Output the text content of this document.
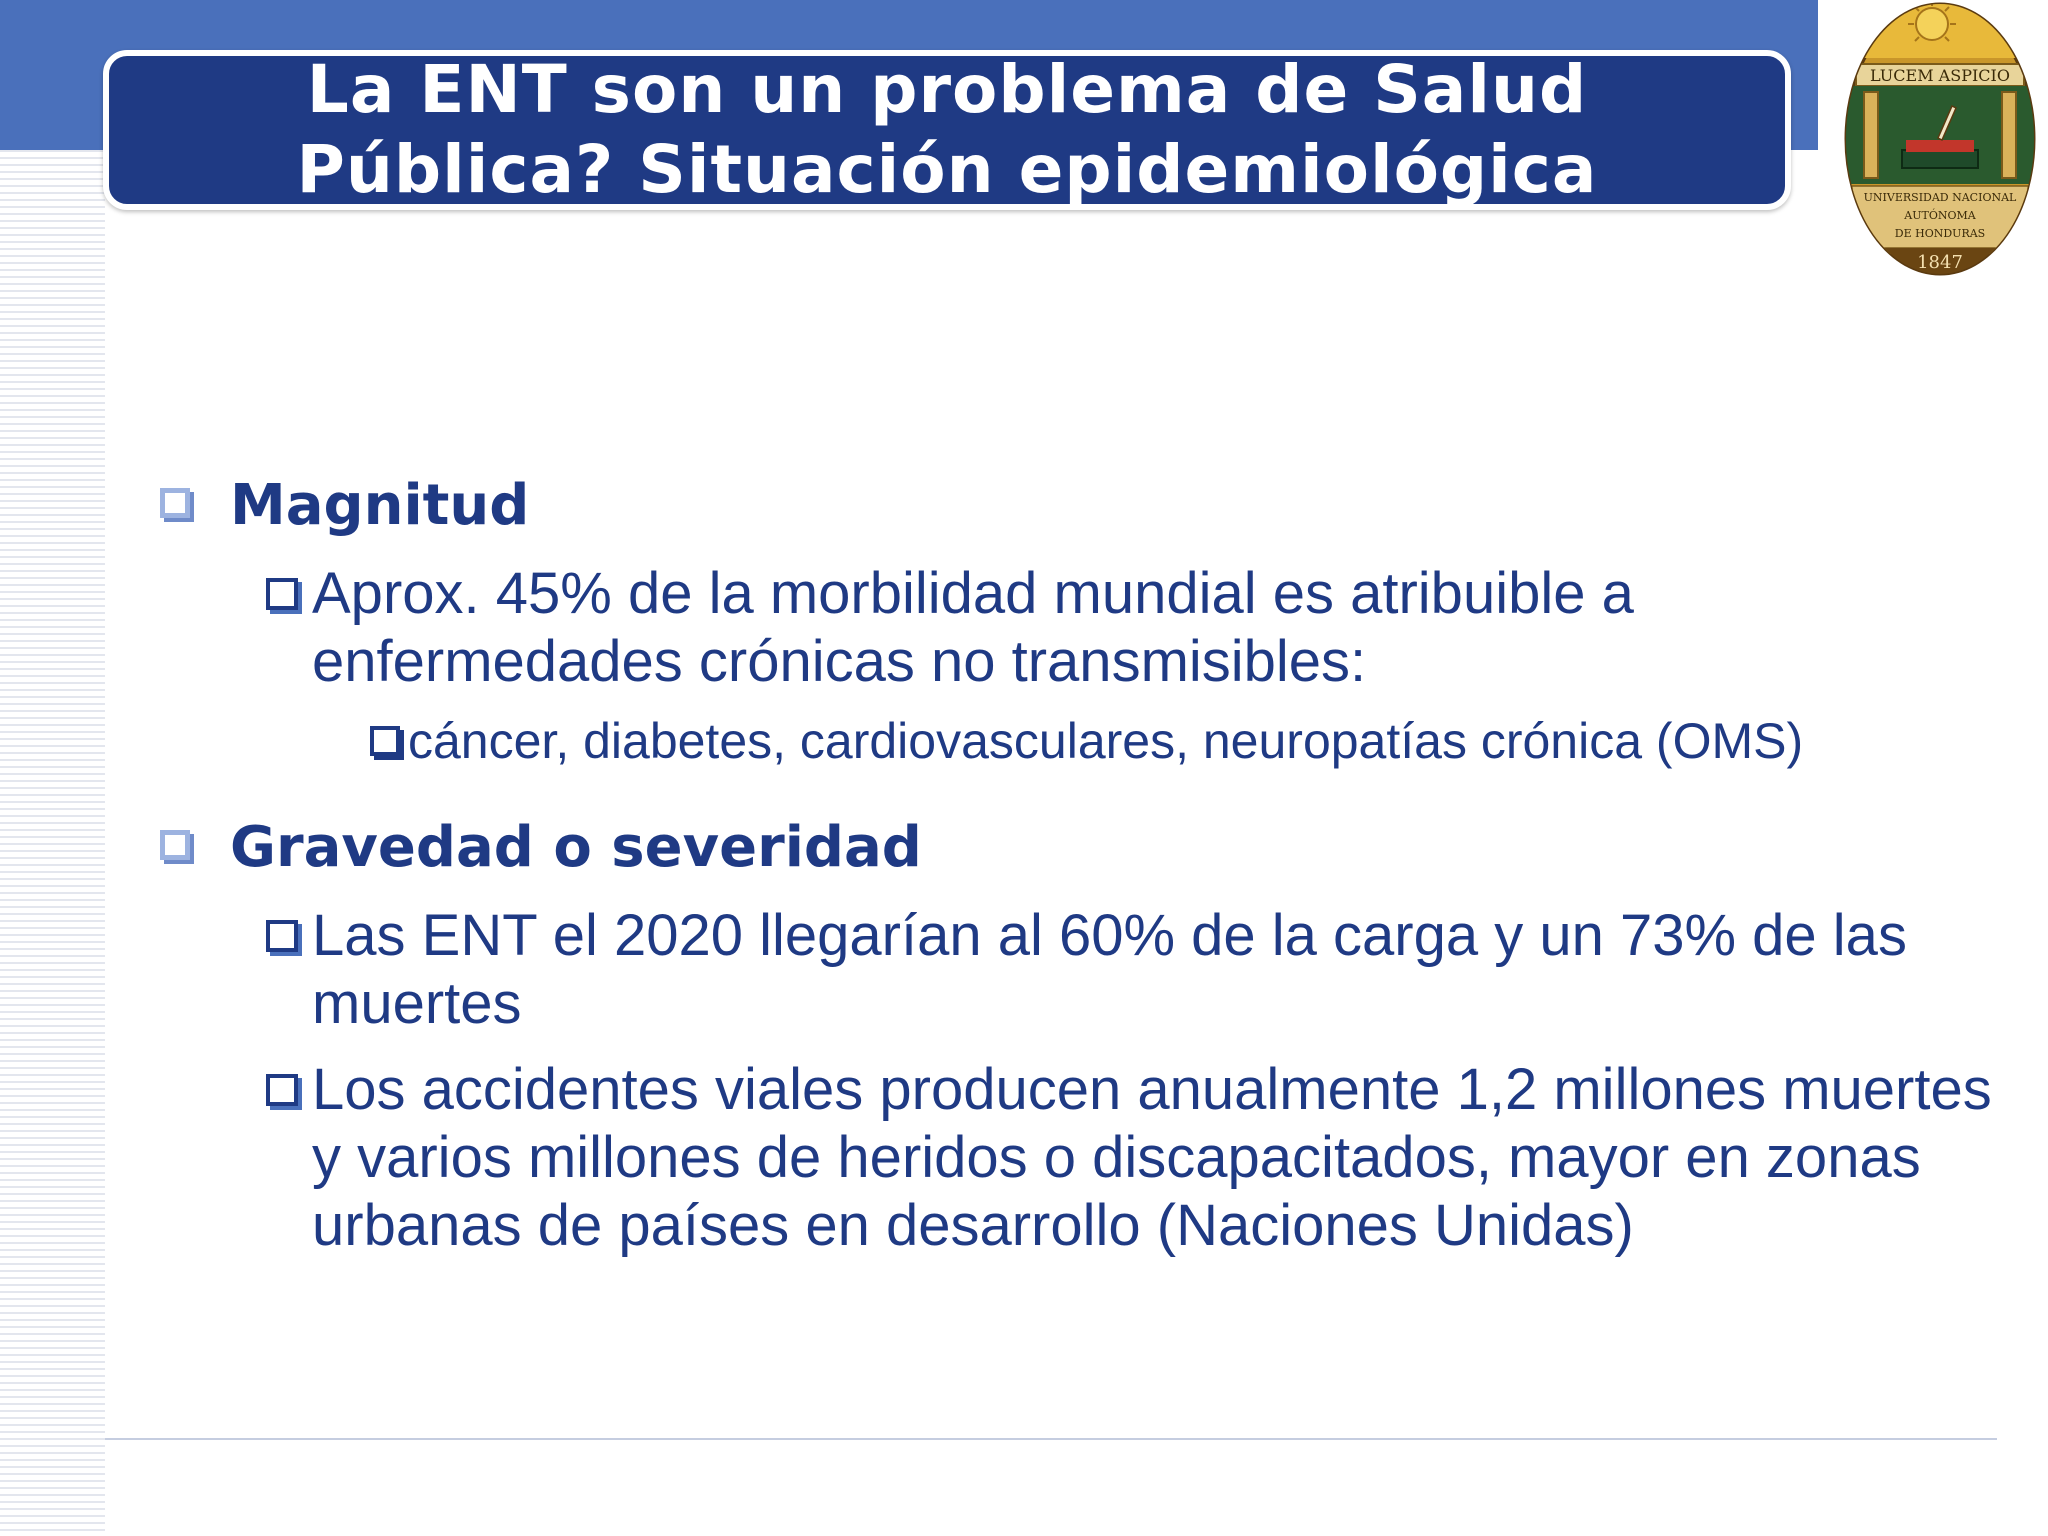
La ENT son un problema de Salud
Pública? Situación epidemiológica
LUCEM ASPICIO
UNIVERSIDAD NACIONAL
AUTÓNOMA
DE HONDURAS
1847
Magnitud
Aprox. 45% de la morbilidad mundial es atribuible a enfermedades crónicas no transmisibles:
cáncer, diabetes, cardiovasculares, neuropatías crónica (OMS)
Gravedad o severidad
Las ENT el 2020 llegarían al 60% de la carga y un 73% de las muertes
Los accidentes viales producen anualmente 1,2 millones muertes y varios millones de heridos o discapacitados, mayor en zonas urbanas de países en desarrollo (Naciones Unidas)
